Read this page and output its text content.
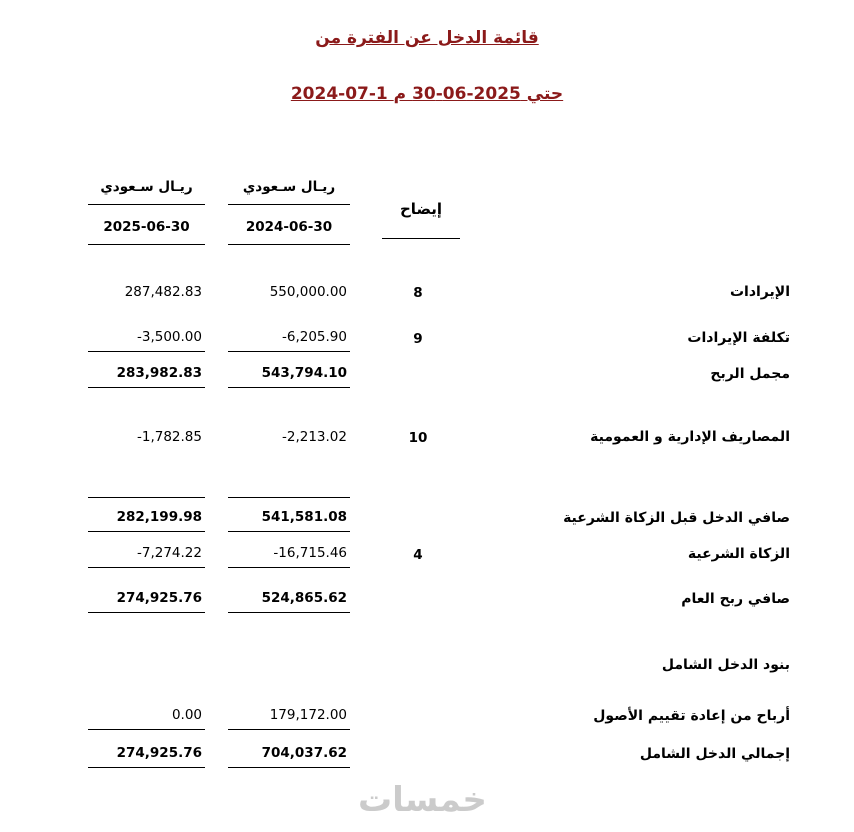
قائمة الدخل عن الفترة من
2024-07-1 حتي 2025-06-30 م
ريـال سـعودي
ريـال سـعودي
إيضاح
2024-06-30
2025-06-30
الإيرادات
8
550,000.00
287,482.83
تكلفة الإيرادات
9
-6,205.90
-3,500.00
مجمل الربح
543,794.10
283,982.83
المصاريف الإدارية و العمومية
10
-2,213.02
-1,782.85
صافي الدخل قبل الزكاة الشرعية
541,581.08
282,199.98
الزكاة الشرعية
4
-16,715.46
-7,274.22
صافي ربح العام
524,865.62
274,925.76
بنود الدخل الشامل
أرباح من إعادة تقييم الأصول
179,172.00
0.00
إجمالي الدخل الشامل
704,037.62
274,925.76
خمسات
